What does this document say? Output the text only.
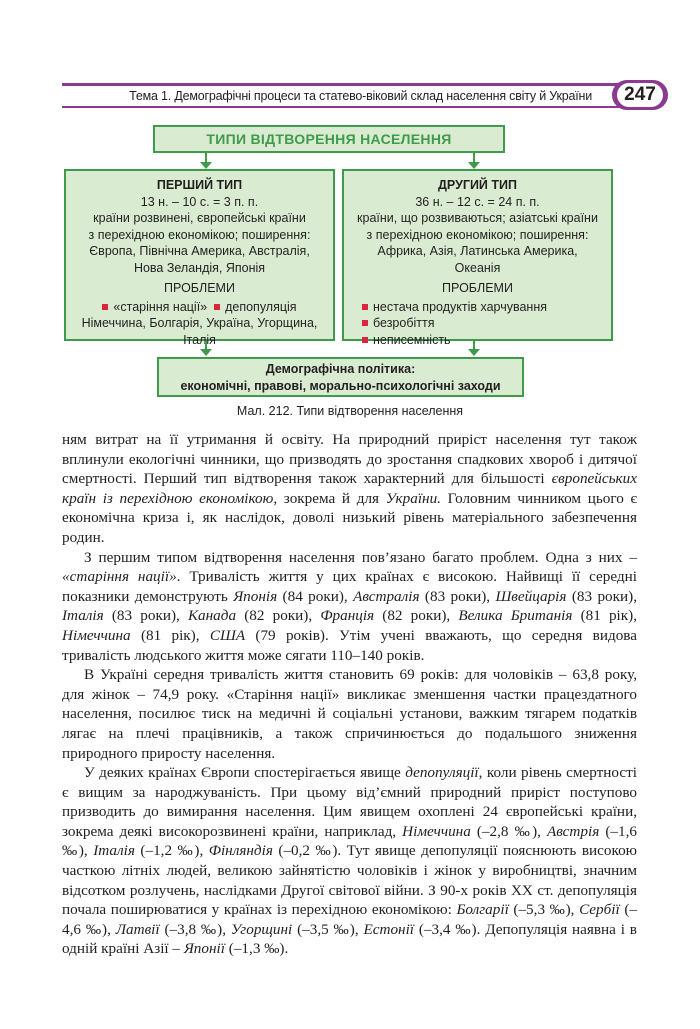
Тема 1. Демографічні процеси та статево-віковий склад населення світу й України	247
ТИПИ ВІДТВОРЕННЯ НАСЕЛЕННЯ
ПЕРШИЙ ТИП
13 н. – 10 с. = 3 п. п.
країни розвинені, європейські країни
з перехідною економікою; поширення:
Європа, Північна Америка, Австралія,
Нова Зеландія, Японія
ПРОБЛЕМИ
«старіння нації» депопуляція
Німеччина, Болгарія, Україна, Угорщина,
Італія
ДРУГИЙ ТИП
36 н. – 12 с. = 24 п. п.
країни, що розвиваються; азіатські країни
з перехідною економікою; поширення:
Африка, Азія, Латинська Америка,
Океанія
ПРОБЛЕМИ
нестача продуктів харчування
безробіття
неписемність
Демографічна політика:
економічні, правові, морально-психологічні заходи
Мал. 212. Типи відтворення населення

ням витрат на її утримання й освіту. На природний приріст населення тут також вплинули екологічні чинники, що призводять до зростання спадкових хвороб і дитячої смертності. Перший тип відтворення також характерний для більшості європейських країн із перехідною економікою, зокрема й для України. Головним чинником цього є економічна криза і, як наслідок, доволі низький рівень матеріального забезпечення родин.

З першим типом відтворення населення пов’язано багато проблем. Одна з них – «старіння нації». Тривалість життя у цих країнах є високою. Найвищі її середні показники демонструють Японія (84 роки), Австралія (83 роки), Швейцарія (83 роки), Італія (83 роки), Канада (82 роки), Франція (82 роки), Велика Британія (81 рік), Німеччина (81 рік), США (79 років). Утім учені вважають, що середня видова тривалість людського життя може сягати 110–140 років.

В Україні середня тривалість життя становить 69 років: для чоловіків – 63,8 року, для жінок – 74,9 року. «Старіння нації» викликає зменшення частки працездатного населення, посилює тиск на медичні й соціальні установи, важким тягарем податків лягає на плечі працівників, а також спричинюється до подальшого зниження природного приросту населення.

У деяких країнах Європи спостерігається явище депопуляції, коли рівень смертності є вищим за народжуваність. При цьому від’ємний природний приріст поступово призводить до вимирання населення. Цим явищем охоплені 24 європейські країни, зокрема деякі високорозвинені країни, наприклад, Німеччина (–2,8 ‰), Австрія (–1,6 ‰), Італія (–1,2 ‰), Фінляндія (–0,2 ‰). Тут явище депопуляції пояснюють високою часткою літніх людей, великою зайнятістю чоловіків і жінок у виробництві, значним відсотком розлучень, наслідками Другої світової війни. З 90-х років ХХ ст. депопуляція почала поширюватися у країнах із перехідною економікою: Болгарії (–5,3 ‰), Сербії (–4,6 ‰), Латвії (–3,8 ‰), Угорщині (–3,5 ‰), Естонії (–3,4 ‰). Депопуляція наявна і в одній країні Азії – Японії (–1,3 ‰).
